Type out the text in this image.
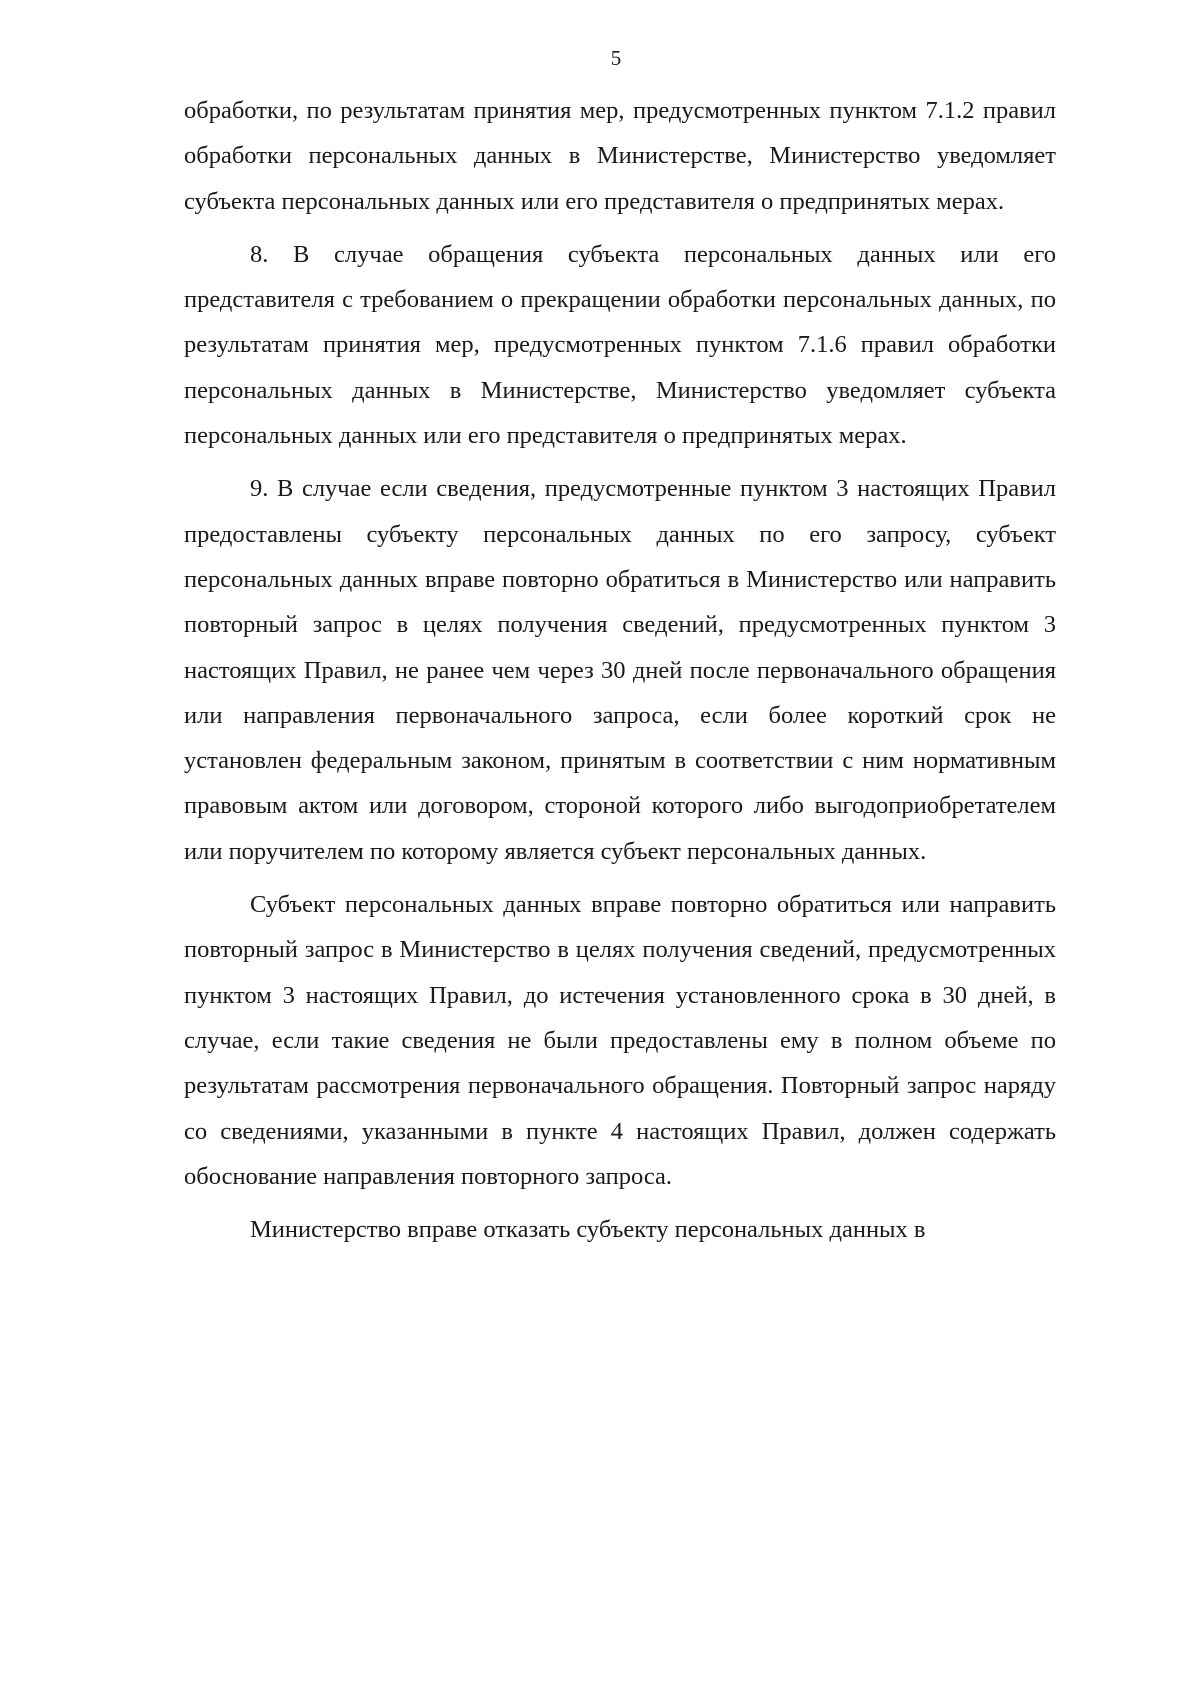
5

обработки, по результатам принятия мер, предусмотренных пунктом 7.1.2 правил обработки персональных данных в Министерстве, Министерство уведомляет субъекта персональных данных или его представителя о предпринятых мерах.

8. В случае обращения субъекта персональных данных или его представителя с требованием о прекращении обработки персональных данных, по результатам принятия мер, предусмотренных пунктом 7.1.6 правил обработки персональных данных в Министерстве, Министерство уведомляет субъекта персональных данных или его представителя о предпринятых мерах.

9. В случае если сведения, предусмотренные пунктом 3 настоящих Правил предоставлены субъекту персональных данных по его запросу, субъект персональных данных вправе повторно обратиться в Министерство или направить повторный запрос в целях получения сведений, предусмотренных пунктом 3 настоящих Правил, не ранее чем через 30 дней после первоначального обращения или направления первоначального запроса, если более короткий срок не установлен федеральным законом, принятым в соответствии с ним нормативным правовым актом или договором, стороной которого либо выгодоприобретателем или поручителем по которому является субъект персональных данных.

Субъект персональных данных вправе повторно обратиться или направить повторный запрос в Министерство в целях получения сведений, предусмотренных пунктом 3 настоящих Правил, до истечения установленного срока в 30 дней, в случае, если такие сведения не были предоставлены ему в полном объеме по результатам рассмотрения первоначального обращения. Повторный запрос наряду со сведениями, указанными в пункте 4 настоящих Правил, должен содержать обоснование направления повторного запроса.

Министерство вправе отказать субъекту персональных данных в
